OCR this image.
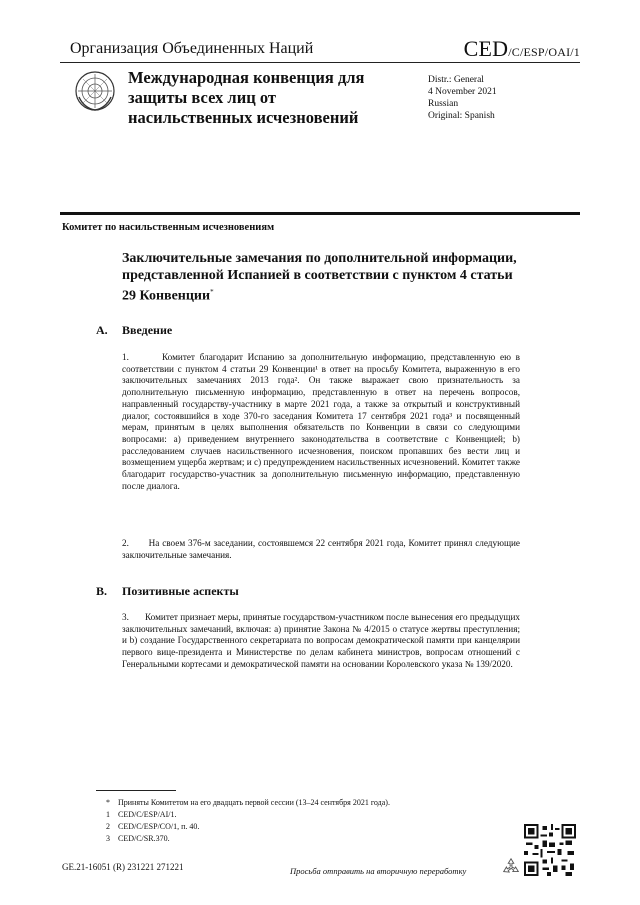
Организация Объединенных Наций	CED/C/ESP/OAI/1
Международная конвенция для защиты всех лиц от насильственных исчезновений
Distr.: General
4 November 2021
Russian
Original: Spanish
Комитет по насильственным исчезновениям
Заключительные замечания по дополнительной информации, представленной Испанией в соответствии с пунктом 4 статьи 29 Конвенции*
A. Введение
1.	Комитет благодарит Испанию за дополнительную информацию, представленную ею в соответствии с пунктом 4 статьи 29 Конвенции¹ в ответ на просьбу Комитета, выраженную в его заключительных замечаниях 2013 года². Он также выражает свою признательность за дополнительную письменную информацию, представленную в ответ на перечень вопросов, направленный государству-участнику в марте 2021 года, а также за открытый и конструктивный диалог, состоявшийся в ходе 370-го заседания Комитета 17 сентября 2021 года³ и посвященный мерам, принятым в целях выполнения обязательств по Конвенции в связи со следующими вопросами: a) приведением внутреннего законодательства в соответствие с Конвенцией; b) расследованием случаев насильственного исчезновения, поиском пропавших без вести лиц и возмещением ущерба жертвам; и c) предупреждением насильственных исчезновений. Комитет также благодарит государство-участник за дополнительную письменную информацию, представленную после диалога.
2. На своем 376-м заседании, состоявшемся 22 сентября 2021 года, Комитет принял следующие заключительные замечания.
B. Позитивные аспекты
3. Комитет признает меры, принятые государством-участником после вынесения его предыдущих заключительных замечаний, включая: a) принятие Закона № 4/2015 о статусе жертвы преступления; и b) создание Государственного секретариата по вопросам демократической памяти при канцелярии первого вице-президента и Министерстве по делам кабинета министров, вопросам отношений с Генеральными кортесами и демократической памяти на основании Королевского указа № 139/2020.
* Приняты Комитетом на его двадцать первой сессии (13–24 сентября 2021 года).
1 CED/C/ESP/AI/1.
2 CED/C/ESP/CO/1, п. 40.
3 CED/C/SR.370.
GE.21-16051 (R) 231221 271221	Просьба отправить на вторичную переработку
